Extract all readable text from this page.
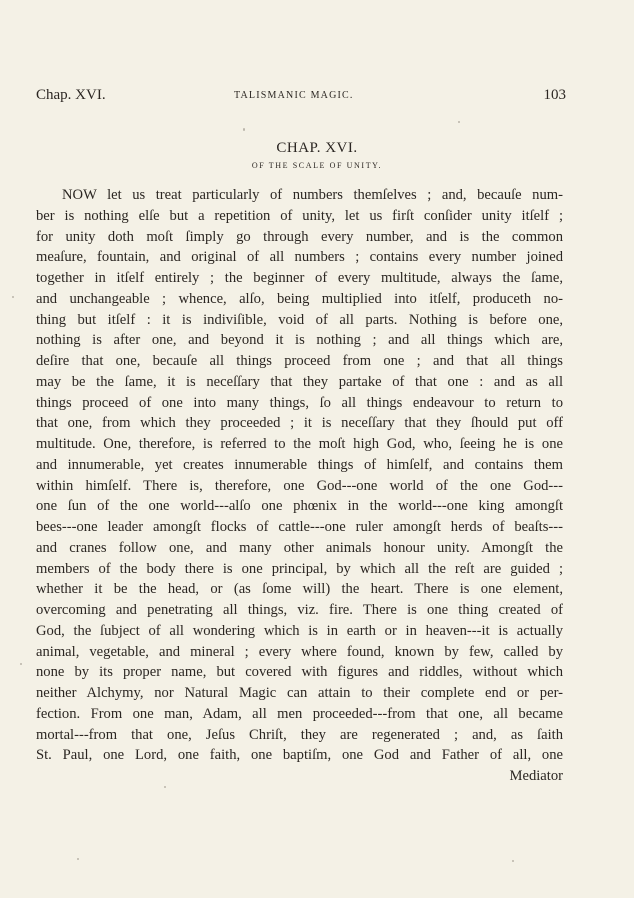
Chap. XVI.	TALISMANIC MAGIC.	103
CHAP. XVI.
OF THE SCALE OF UNITY.
NOW let us treat particularly of numbers themſelves ; and, becauſe num-
ber is nothing elſe but a repetition of unity, let us firſt conſider unity itſelf ;
for unity doth moſt ſimply go through every number, and is the common
meaſure, fountain, and original of all numbers ; contains every number joined
together in itſelf entirely ; the beginner of every multitude, always the ſame,
and unchangeable ; whence, alſo, being multiplied into itſelf, produceth no-
thing but itſelf : it is indiviſible, void of all parts. Nothing is before one,
nothing is after one, and beyond it is nothing ; and all things which are,
deſire that one, becauſe all things proceed from one ; and that all things
may be the ſame, it is neceſſary that they partake of that one : and as all
things proceed of one into many things, ſo all things endeavour to return to
that one, from which they proceeded ; it is neceſſary that they ſhould put off
multitude. One, therefore, is referred to the moſt high God, who, ſeeing he is one
and innumerable, yet creates innumerable things of himſelf, and contains them
within himſelf. There is, therefore, one God---one world of the one God---
one ſun of the one world---alſo one phœnix in the world---one king amongſt
bees---one leader amongſt flocks of cattle---one ruler amongſt herds of beaſts---
and cranes follow one, and many other animals honour unity. Amongſt the
members of the body there is one principal, by which all the reſt are guided ;
whether it be the head, or (as ſome will) the heart. There is one element,
overcoming and penetrating all things, viz. fire. There is one thing created of
God, the ſubject of all wondering which is in earth or in heaven---it is actually
animal, vegetable, and mineral ; every where found, known by few, called by
none by its proper name, but covered with figures and riddles, without which
neither Alchymy, nor Natural Magic can attain to their complete end or per-
fection. From one man, Adam, all men proceeded---from that one, all became
mortal---from that one, Jeſus Chriſt, they are regenerated ; and, as ſaith
St. Paul, one Lord, one faith, one baptiſm, one God and Father of all, one
Mediator
